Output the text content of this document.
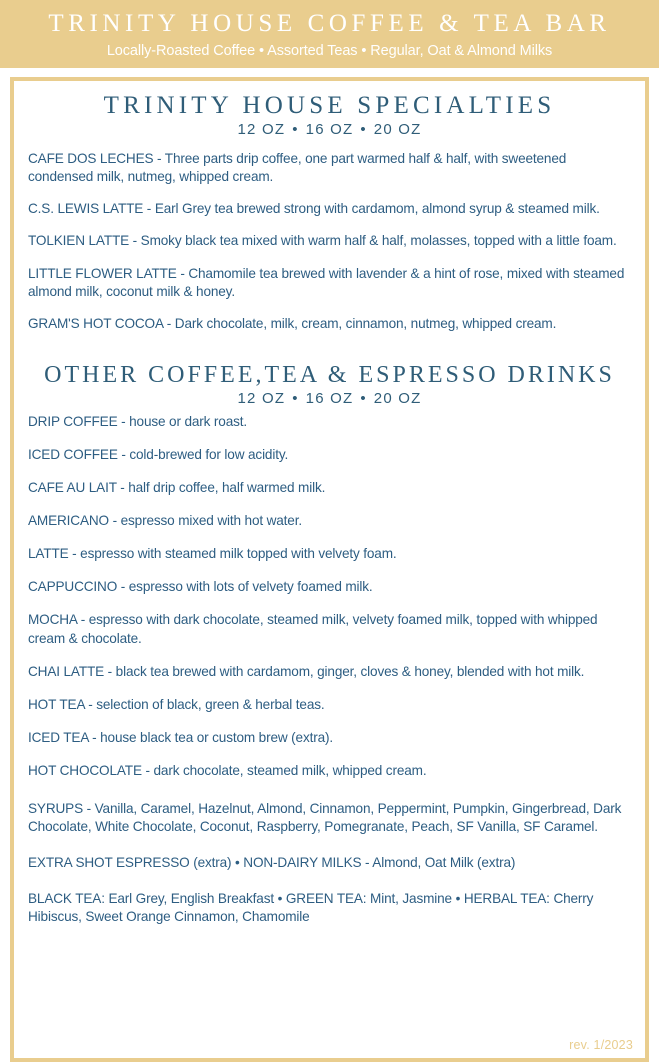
TRINITY HOUSE COFFEE & TEA BAR
Locally-Roasted Coffee • Assorted Teas • Regular, Oat & Almond Milks
TRINITY HOUSE SPECIALTIES
12 OZ • 16 OZ • 20 OZ
CAFE DOS LECHES - Three parts drip coffee, one part warmed half & half, with sweetened condensed milk, nutmeg, whipped cream.
C.S. LEWIS LATTE - Earl Grey tea brewed strong with cardamom, almond syrup & steamed milk.
TOLKIEN LATTE - Smoky black tea mixed with warm half & half, molasses, topped with a little foam.
LITTLE FLOWER LATTE - Chamomile tea brewed with lavender & a hint of rose, mixed with steamed almond milk, coconut milk & honey.
GRAM'S HOT COCOA - Dark chocolate, milk, cream, cinnamon, nutmeg, whipped cream.
OTHER COFFEE,TEA & ESPRESSO DRINKS
12 OZ • 16 OZ • 20 OZ
DRIP COFFEE - house or dark roast.
ICED COFFEE - cold-brewed for low acidity.
CAFE AU LAIT - half drip coffee, half warmed milk.
AMERICANO - espresso mixed with hot water.
LATTE - espresso with steamed milk topped with velvety foam.
CAPPUCCINO - espresso with lots of velvety foamed milk.
MOCHA - espresso with dark chocolate, steamed milk, velvety foamed milk, topped with whipped cream & chocolate.
CHAI LATTE - black tea brewed with cardamom, ginger, cloves & honey, blended with hot milk.
HOT TEA - selection of black, green & herbal teas.
ICED TEA - house black tea or custom brew (extra).
HOT CHOCOLATE - dark chocolate, steamed milk, whipped cream.
SYRUPS - Vanilla, Caramel, Hazelnut, Almond, Cinnamon, Peppermint, Pumpkin, Gingerbread, Dark Chocolate, White Chocolate, Coconut, Raspberry, Pomegranate, Peach, SF Vanilla, SF Caramel.
EXTRA SHOT ESPRESSO (extra) • NON-DAIRY MILKS - Almond, Oat Milk (extra)
BLACK TEA: Earl Grey, English Breakfast • GREEN TEA: Mint, Jasmine • HERBAL TEA: Cherry Hibiscus, Sweet Orange Cinnamon, Chamomile
rev. 1/2023
